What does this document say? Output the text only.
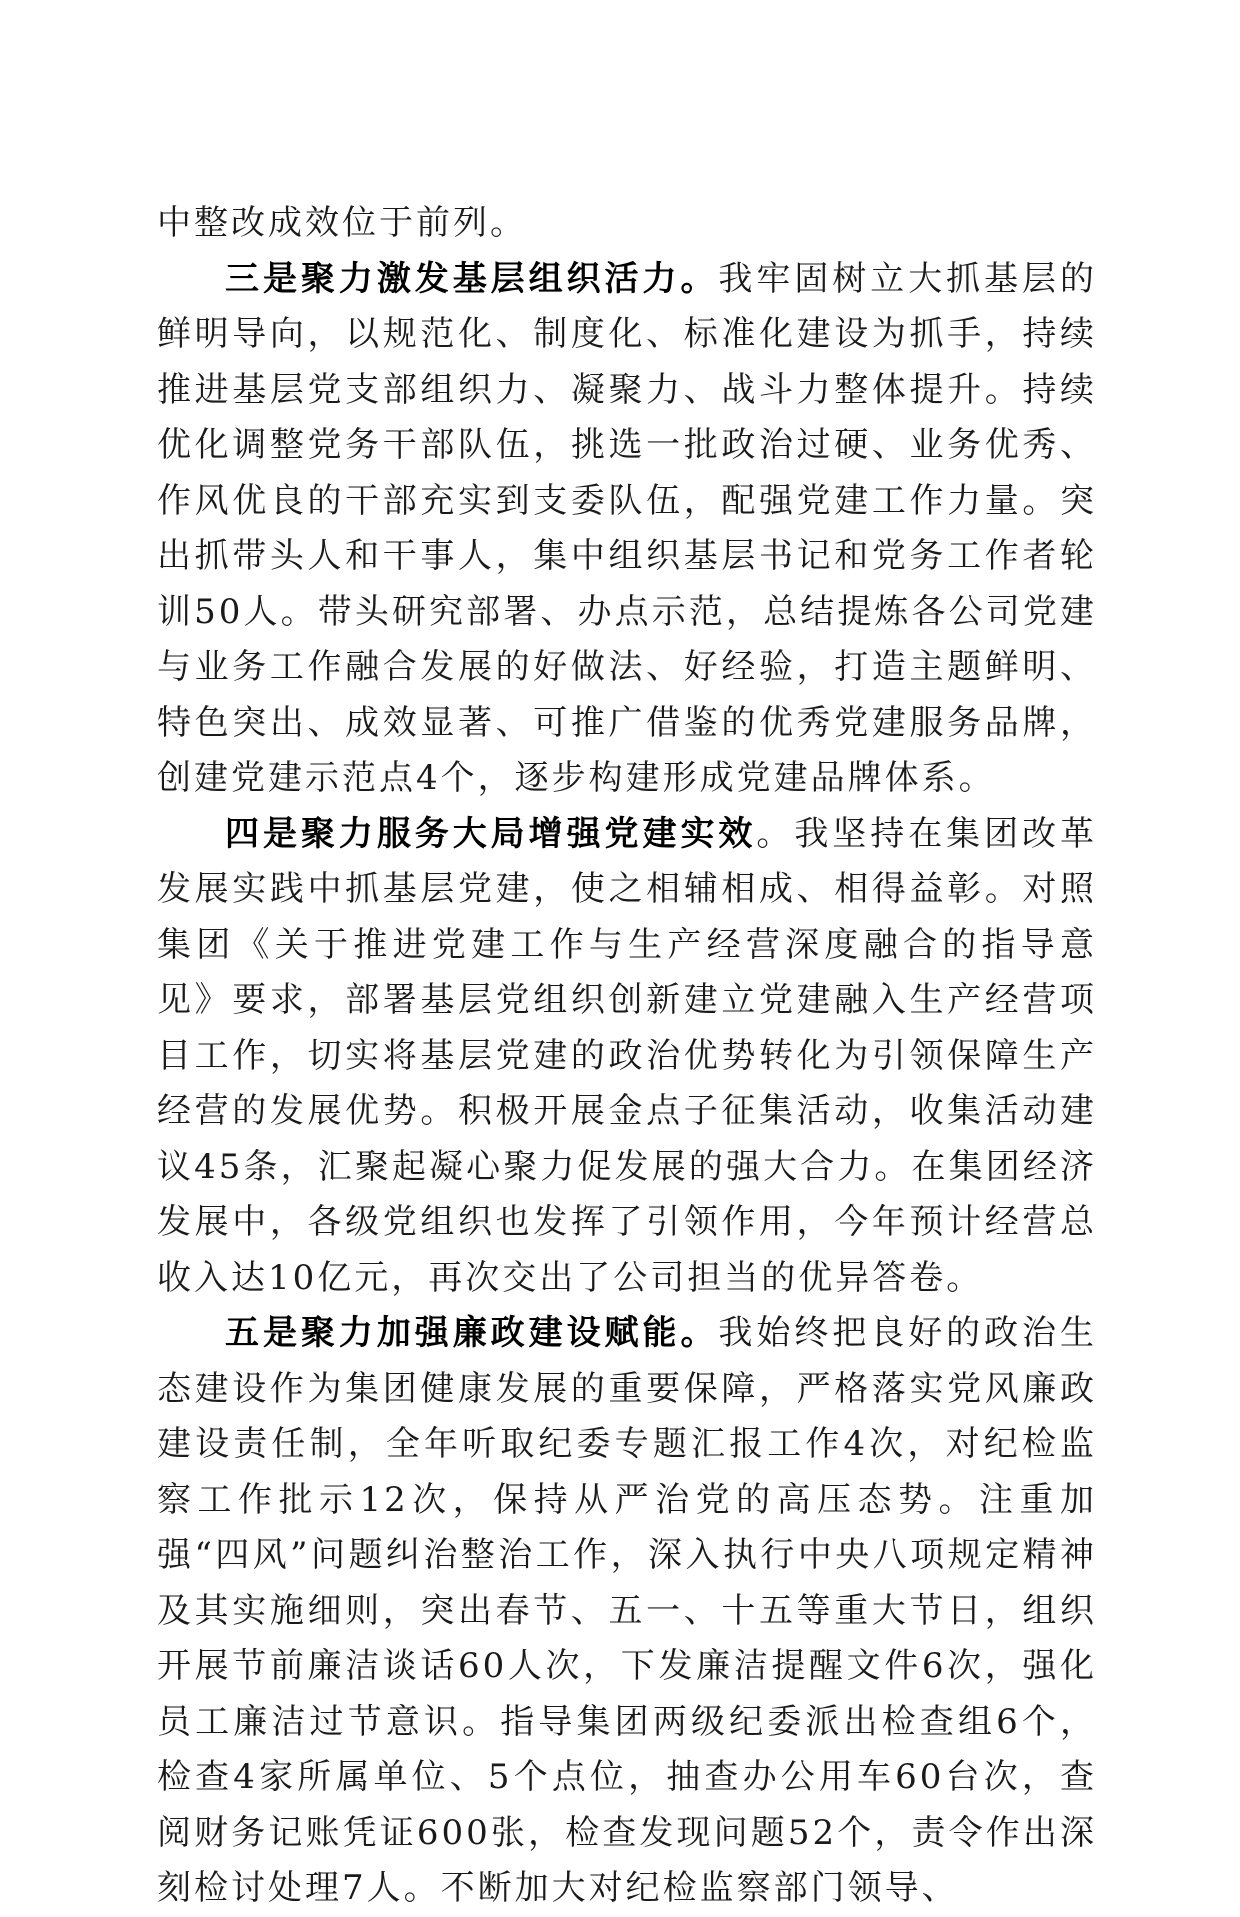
中整改成效位于前列。

三是聚力激发基层组织活力。我牢固树立大抓基层的鲜明导向，以规范化、制度化、标准化建设为抓手，持续推进基层党支部组织力、凝聚力、战斗力整体提升。持续优化调整党务干部队伍，挑选一批政治过硬、业务优秀、作风优良的干部充实到支委队伍，配强党建工作力量。突出抓带头人和干事人，集中组织基层书记和党务工作者轮训50人。带头研究部署、办点示范，总结提炼各公司党建与业务工作融合发展的好做法、好经验，打造主题鲜明、特色突出、成效显著、可推广借鉴的优秀党建服务品牌，创建党建示范点4个，逐步构建形成党建品牌体系。

四是聚力服务大局增强党建实效。我坚持在集团改革发展实践中抓基层党建，使之相辅相成、相得益彰。对照集团《关于推进党建工作与生产经营深度融合的指导意见》要求，部署基层党组织创新建立党建融入生产经营项目工作，切实将基层党建的政治优势转化为引领保障生产经营的发展优势。积极开展金点子征集活动，收集活动建议45条，汇聚起凝心聚力促发展的强大合力。在集团经济发展中，各级党组织也发挥了引领作用，今年预计经营总收入达10亿元，再次交出了公司担当的优异答卷。

五是聚力加强廉政建设赋能。我始终把良好的政治生态建设作为集团健康发展的重要保障，严格落实党风廉政建设责任制，全年听取纪委专题汇报工作4次，对纪检监察工作批示12次，保持从严治党的高压态势。注重加强“四风”问题纠治整治工作，深入执行中央八项规定精神及其实施细则，突出春节、五一、十五等重大节日，组织开展节前廉洁谈话60人次，下发廉洁提醒文件6次，强化员工廉洁过节意识。指导集团两级纪委派出检查组6个，检查4家所属单位、5个点位，抽查办公用车60台次，查阅财务记账凭证600张，检查发现问题52个，责令作出深刻检讨处理7人。不断加大对纪检监察部门领导、
